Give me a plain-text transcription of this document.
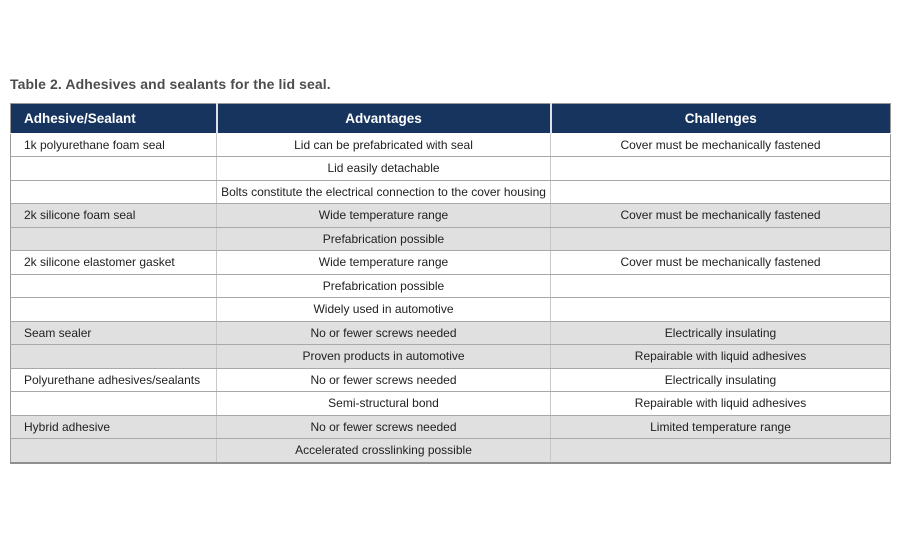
Table 2. Adhesives and sealants for the lid seal.
Adhesive/Sealant	Advantages	Challenges
1k polyurethane foam seal	Lid can be prefabricated with seal	Cover must be mechanically fastened
	Lid easily detachable	
	Bolts constitute the electrical connection to the cover housing	
2k silicone foam seal	Wide temperature range	Cover must be mechanically fastened
	Prefabrication possible	
2k silicone elastomer gasket	Wide temperature range	Cover must be mechanically fastened
	Prefabrication possible	
	Widely used in automotive	
Seam sealer	No or fewer screws needed	Electrically insulating
	Proven products in automotive	Repairable with liquid adhesives
Polyurethane adhesives/sealants	No or fewer screws needed	Electrically insulating
	Semi-structural bond	Repairable with liquid adhesives
Hybrid adhesive	No or fewer screws needed	Limited temperature range
	Accelerated crosslinking possible	
